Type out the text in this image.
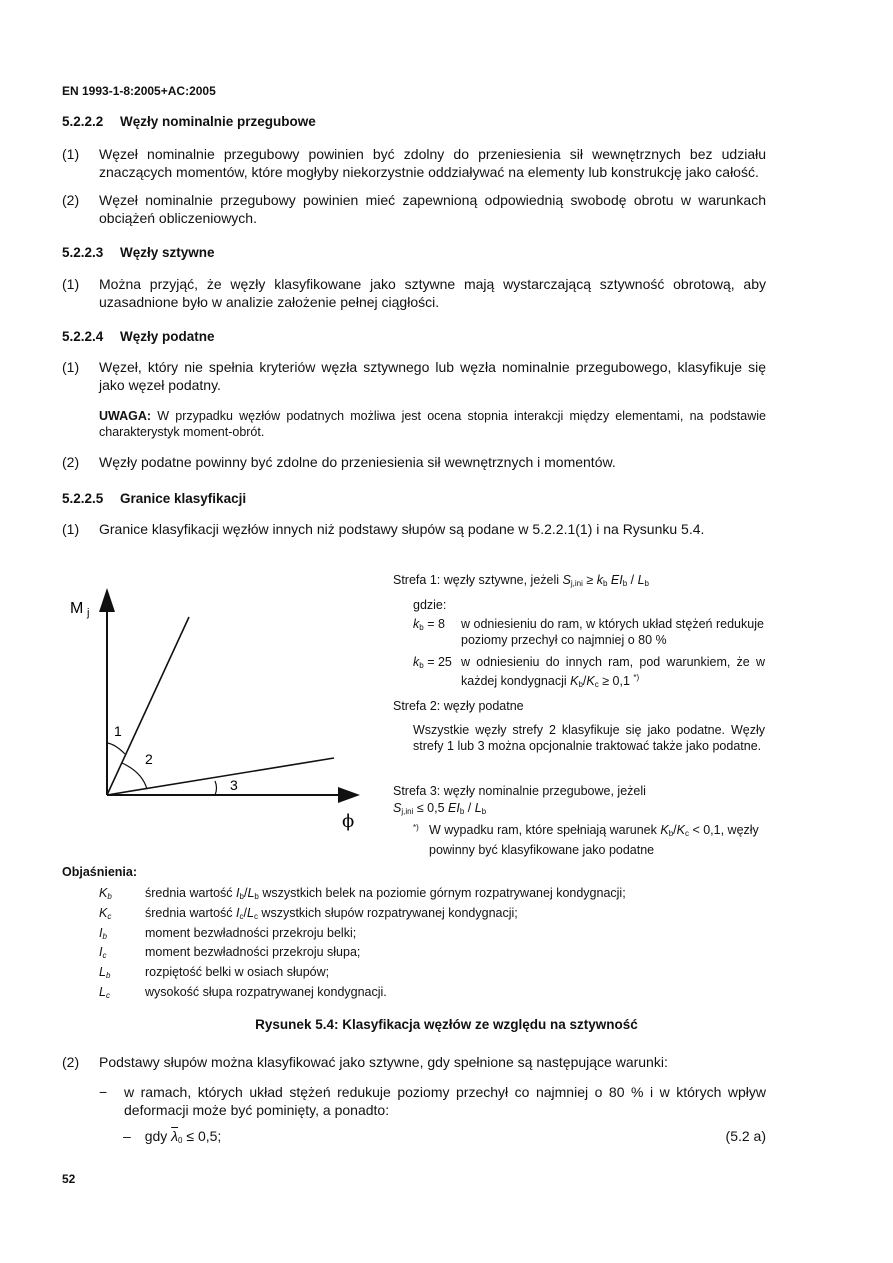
EN 1993-1-8:2005+AC:2005
5.2.2.2 Węzły nominalnie przegubowe
(1) Węzeł nominalnie przegubowy powinien być zdolny do przeniesienia sił wewnętrznych bez udziału znaczących momentów, które mogłyby niekorzystnie oddziaływać na elementy lub konstrukcję jako całość.
(2) Węzeł nominalnie przegubowy powinien mieć zapewnioną odpowiednią swobodę obrotu w warunkach obciążeń obliczeniowych.
5.2.2.3 Węzły sztywne
(1) Można przyjąć, że węzły klasyfikowane jako sztywne mają wystarczającą sztywność obrotową, aby uzasadnione było w analizie założenie pełnej ciągłości.
5.2.2.4 Węzły podatne
(1) Węzeł, który nie spełnia kryteriów węzła sztywnego lub węzła nominalnie przegubowego, klasyfikuje się jako węzeł podatny.
UWAGA: W przypadku węzłów podatnych możliwa jest ocena stopnia interakcji między elementami, na podstawie charakterystyk moment-obrót.
(2) Węzły podatne powinny być zdolne do przeniesienia sił wewnętrznych i momentów.
5.2.2.5 Granice klasyfikacji
(1) Granice klasyfikacji węzłów innych niż podstawy słupów są podane w 5.2.2.1(1) i na Rysunku 5.4.
M j
ϕ
1
2
3
Strefa 1: węzły sztywne, jeżeli $S_{j,ini} \ge k_b$ $EI_b / L_b$
gdzie:
$k_b = 8$ w odniesieniu do ram, w których układ stężeń redukuje poziomy przechył co najmniej o 80 %
$k_b = 25$ w odniesieniu do innych ram, pod warunkiem, że w każdej kondygnacji $K_b/K_c \ge 0,1$ *)
Strefa 2: węzły podatne
Wszystkie węzły strefy 2 klasyfikuje się jako podatne. Węzły strefy 1 lub 3 można opcjonalnie traktować także jako podatne.
Strefa 3: węzły nominalnie przegubowe, jeżeli
$S_{j,ini} \le 0,5$ $EI_b / L_b$
*) W wypadku ram, które spełniają warunek $K_b/K_c < 0,1$, węzły powinny być klasyfikowane jako podatne
Objaśnienia:
$K_b$	średnia wartość $I_b/L_b$ wszystkich belek na poziomie górnym rozpatrywanej kondygnacji;
$K_c$	średnia wartość $I_c/L_c$ wszystkich słupów rozpatrywanej kondygnacji;
$I_b$	moment bezwładności przekroju belki;
$I_c$	moment bezwładności przekroju słupa;
$L_b$	rozpiętość belki w osiach słupów;
$L_c$	wysokość słupa rozpatrywanej kondygnacji.
Rysunek 5.4: Klasyfikacja węzłów ze względu na sztywność
(2) Podstawy słupów można klasyfikować jako sztywne, gdy spełnione są następujące warunki:
− w ramach, których układ stężeń redukuje poziomy przechył co najmniej o 80 % i w których wpływ deformacji może być pominięty, a ponadto:
– gdy $\overline{\lambda}_0 \le 0,5$;	(5.2 a)
52
